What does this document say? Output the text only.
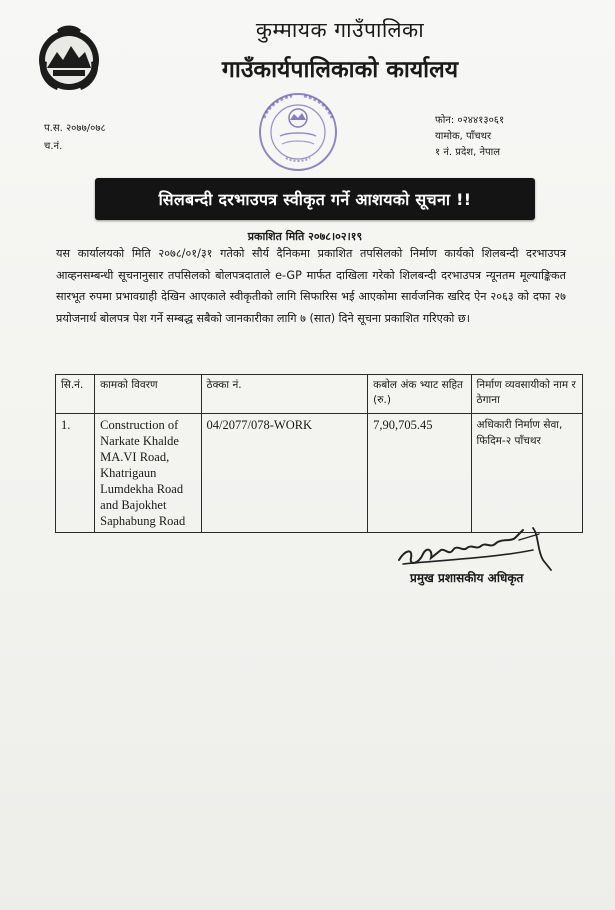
कुम्मायक गाउँपालिका
गाउँकार्यपालिकाको कार्यालय
प.स. २०७७/०७८
च.नं.
फोन: ०२४४१३०६१
यामोक, पाँचथर
१ नं. प्रदेश, नेपाल
सिलबन्दी दरभाउपत्र स्वीकृत गर्ने आशयको सूचना !!
प्रकाशित मिति २०७८।०२।१९
यस कार्यालयको मिति २०७८/०१/३१ गतेको सौर्य दैनिकमा प्रकाशित तपसिलको निर्माण कार्यको शिलबन्दी दरभाउपत्र आव्हनसम्बन्धी सूचनानुसार तपसिलको बोलपत्रदाताले e-GP मार्फत दाखिला गरेको शिलबन्दी दरभाउपत्र न्यूनतम मूल्याङ्किकत सारभूत रुपमा प्रभावग्राही देखिन आएकाले स्वीकृतीको लागि सिफारिस भई आएकोमा सार्वजनिक खरिद ऐन २०६३ को दफा २७ प्रयोजनार्थ बोलपत्र पेश गर्ने सम्बद्ध सबैको जानकारीका लागि ७ (सात) दिने सूचना प्रकाशित गरिएको छ।
सि.नं.	कामको विवरण	ठेक्का नं.	कबोल अंक भ्याट सहित (रु.)	निर्माण व्यवसायीको नाम र ठेगाना
1.	Construction of Narkate Khalde MA.VI Road, Khatrigaun Lumdekha Road and Bajokhet Saphabung Road	04/2077/078-WORK	7,90,705.45	अधिकारी निर्माण सेवा, फिदिम-२ पाँचथर
प्रमुख प्रशासकीय अधिकृत
